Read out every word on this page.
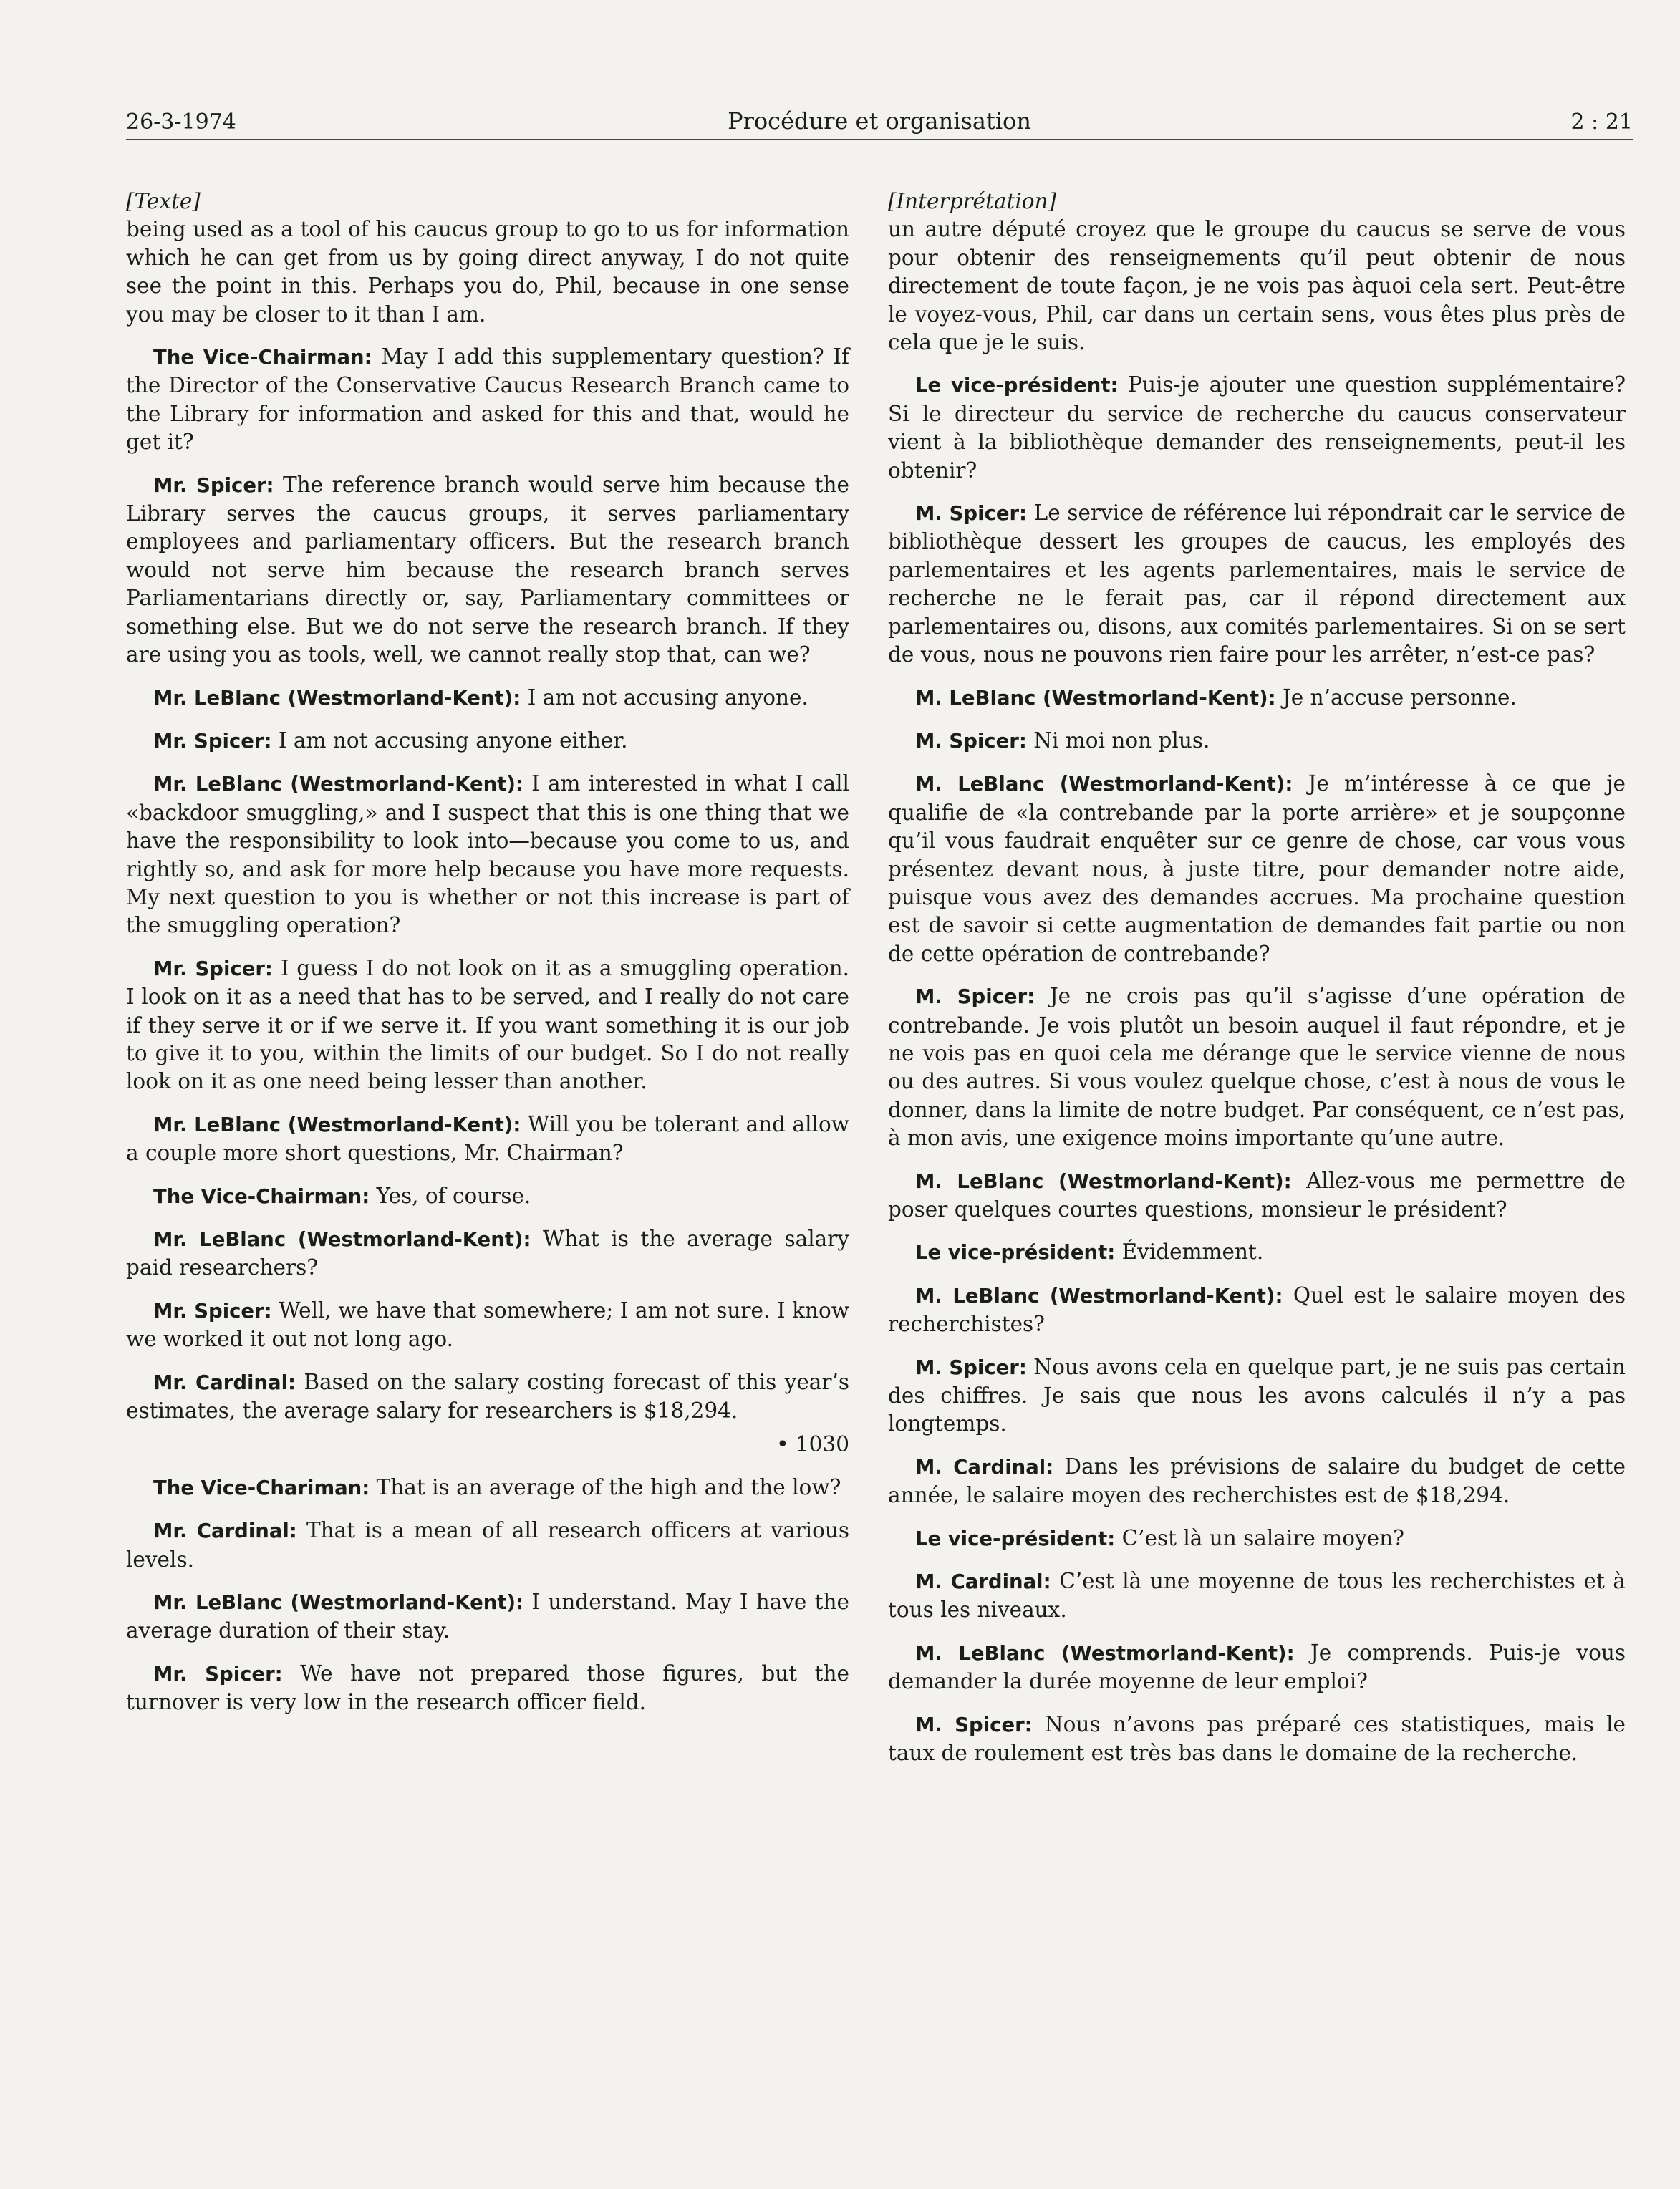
26-3-1974	Procédure et organisation	2 : 21
[Texte]
being used as a tool of his caucus group to go to us for information which he can get from us by going direct anyway, I do not quite see the point in this. Perhaps you do, Phil, because in one sense you may be closer to it than I am.
The Vice-Chairman: May I add this supplementary question? If the Director of the Conservative Caucus Research Branch came to the Library for information and asked for this and that, would he get it?
Mr. Spicer: The reference branch would serve him because the Library serves the caucus groups, it serves parliamentary employees and parliamentary officers. But the research branch would not serve him because the research branch serves Parliamentarians directly or, say, Parliamentary committees or something else. But we do not serve the research branch. If they are using you as tools, well, we cannot really stop that, can we?
Mr. LeBlanc (Westmorland-Kent): I am not accusing anyone.
Mr. Spicer: I am not accusing anyone either.
Mr. LeBlanc (Westmorland-Kent): I am interested in what I call «backdoor smuggling,» and I suspect that this is one thing that we have the responsibility to look into—because you come to us, and rightly so, and ask for more help because you have more requests. My next question to you is whether or not this increase is part of the smuggling operation?
Mr. Spicer: I guess I do not look on it as a smuggling operation. I look on it as a need that has to be served, and I really do not care if they serve it or if we serve it. If you want something it is our job to give it to you, within the limits of our budget. So I do not really look on it as one need being lesser than another.
Mr. LeBlanc (Westmorland-Kent): Will you be tolerant and allow a couple more short questions, Mr. Chairman?
The Vice-Chairman: Yes, of course.
Mr. LeBlanc (Westmorland-Kent): What is the average salary paid researchers?
Mr. Spicer: Well, we have that somewhere; I am not sure. I know we worked it out not long ago.
Mr. Cardinal: Based on the salary costing forecast of this year’s estimates, the average salary for researchers is $18,294.
• 1030
The Vice-Chariman: That is an average of the high and the low?
Mr. Cardinal: That is a mean of all research officers at various levels.
Mr. LeBlanc (Westmorland-Kent): I understand. May I have the average duration of their stay.
Mr. Spicer: We have not prepared those figures, but the turnover is very low in the research officer field.
[Interprétation]
un autre député croyez que le groupe du caucus se serve de vous pour obtenir des renseignements qu’il peut obtenir de nous directement de toute façon, je ne vois pas àquoi cela sert. Peut-être le voyez-vous, Phil, car dans un certain sens, vous êtes plus près de cela que je le suis.
Le vice-président: Puis-je ajouter une question supplémentaire? Si le directeur du service de recherche du caucus conservateur vient à la bibliothèque demander des renseignements, peut-il les obtenir?
M. Spicer: Le service de référence lui répondrait car le service de bibliothèque dessert les groupes de caucus, les employés des parlementaires et les agents parlementaires, mais le service de recherche ne le ferait pas, car il répond directement aux parlementaires ou, disons, aux comités parlementaires. Si on se sert de vous, nous ne pouvons rien faire pour les arrêter, n’est-ce pas?
M. LeBlanc (Westmorland-Kent): Je n’accuse personne.
M. Spicer: Ni moi non plus.
M. LeBlanc (Westmorland-Kent): Je m’intéresse à ce que je qualifie de «la contrebande par la porte arrière» et je soupçonne qu’il vous faudrait enquêter sur ce genre de chose, car vous vous présentez devant nous, à juste titre, pour demander notre aide, puisque vous avez des demandes accrues. Ma prochaine question est de savoir si cette augmentation de demandes fait partie ou non de cette opération de contrebande?
M. Spicer: Je ne crois pas qu’il s’agisse d’une opération de contrebande. Je vois plutôt un besoin auquel il faut répondre, et je ne vois pas en quoi cela me dérange que le service vienne de nous ou des autres. Si vous voulez quelque chose, c’est à nous de vous le donner, dans la limite de notre budget. Par conséquent, ce n’est pas, à mon avis, une exigence moins importante qu’une autre.
M. LeBlanc (Westmorland-Kent): Allez-vous me permettre de poser quelques courtes questions, monsieur le président?
Le vice-président: Évidemment.
M. LeBlanc (Westmorland-Kent): Quel est le salaire moyen des recherchistes?
M. Spicer: Nous avons cela en quelque part, je ne suis pas certain des chiffres. Je sais que nous les avons calculés il n’y a pas longtemps.
M. Cardinal: Dans les prévisions de salaire du budget de cette année, le salaire moyen des recherchistes est de $18,294.
Le vice-président: C’est là un salaire moyen?
M. Cardinal: C’est là une moyenne de tous les recherchistes et à tous les niveaux.
M. LeBlanc (Westmorland-Kent): Je comprends. Puis-je vous demander la durée moyenne de leur emploi?
M. Spicer: Nous n’avons pas préparé ces statistiques, mais le taux de roulement est très bas dans le domaine de la recherche.
